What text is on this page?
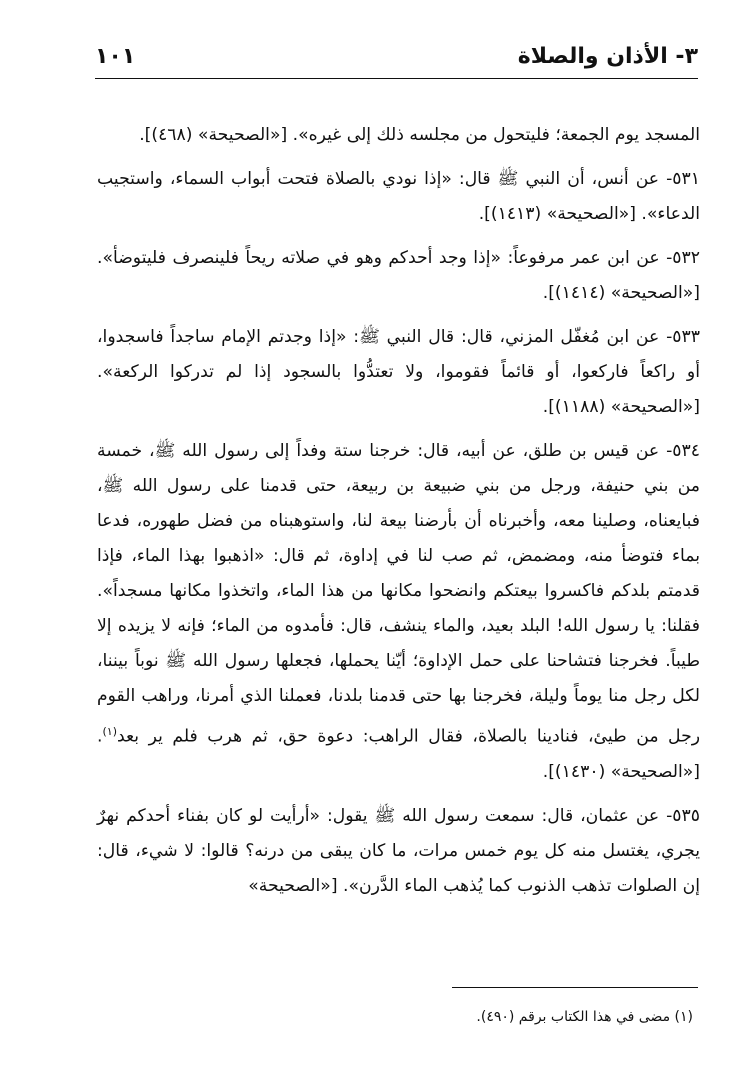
٣- الأذان والصلاة
١٠١

المسجد يوم الجمعة؛ فليتحول من مجلسه ذلك إلى غيره». [«الصحيحة» (٤٦٨)].

٥٣١- عن أنس، أن النبي ﷺ قال: «إذا نودي بالصلاة فتحت أبواب السماء، واستجيب الدعاء». [«الصحيحة» (١٤١٣)].

٥٣٢- عن ابن عمر مرفوعاً: «إذا وجد أحدكم وهو في صلاته ريحاً فلينصرف فليتوضأ». [«الصحيحة» (١٤١٤)].

٥٣٣- عن ابن مُغفّل المزني، قال: قال النبي ﷺ: «إذا وجدتم الإمام ساجداً فاسجدوا، أو راكعاً فاركعوا، أو قائماً فقوموا، ولا تعتدُّوا بالسجود إذا لم تدركوا الركعة». [«الصحيحة» (١١٨٨)].

٥٣٤- عن قيس بن طلق، عن أبيه، قال: خرجنا ستة وفداً إلى رسول الله ﷺ، خمسة من بني حنيفة، ورجل من بني ضبيعة بن ربيعة، حتى قدمنا على رسول الله ﷺ، فبايعناه، وصلينا معه، وأخبرناه أن بأرضنا بيعة لنا، واستوهبناه من فضل طهوره، فدعا بماء فتوضأ منه، ومضمض، ثم صب لنا في إداوة، ثم قال: «اذهبوا بهذا الماء، فإذا قدمتم بلدكم فاكسروا بيعتكم وانضحوا مكانها من هذا الماء، واتخذوا مكانها مسجداً». فقلنا: يا رسول الله! البلد بعيد، والماء ينشف، قال: فأمدوه من الماء؛ فإنه لا يزيده إلا طيباً. فخرجنا فتشاحنا على حمل الإداوة؛ أيّنا يحملها، فجعلها رسول الله ﷺ نوباً بيننا، لكل رجل منا يوماً وليلة، فخرجنا بها حتى قدمنا بلدنا، فعملنا الذي أمرنا، وراهب القوم رجل من طيئ، فنادينا بالصلاة، فقال الراهب: دعوة حق، ثم هرب فلم ير بعد$^{(١)}$. [«الصحيحة» (١٤٣٠)].

٥٣٥- عن عثمان، قال: سمعت رسول الله ﷺ يقول: «أرأيت لو كان بفناء أحدكم نهرٌ يجري، يغتسل منه كل يوم خمس مرات، ما كان يبقى من درنه؟ قالوا: لا شيء، قال: إن الصلوات تذهب الذنوب كما يُذهب الماء الدَّرن». [«الصحيحة»

(١) مضى في هذا الكتاب برقم (٤٩٠).
